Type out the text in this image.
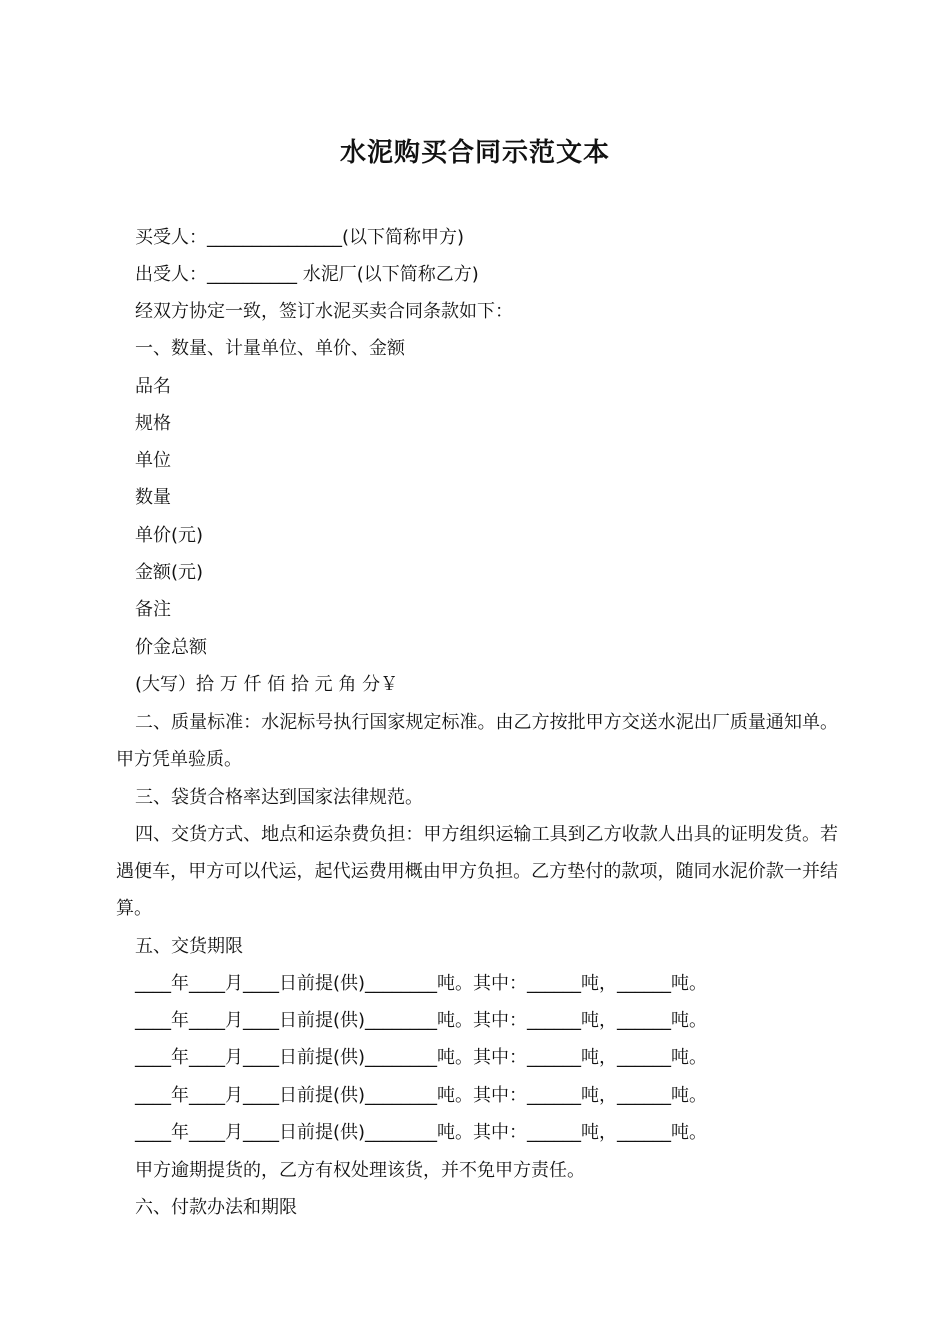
水泥购买合同示范文本
买受人：_______________(以下简称甲方)
出受人：__________ 水泥厂(以下简称乙方)
经双方协定一致，签订水泥买卖合同条款如下：
一、数量、计量单位、单价、金额
品名
规格
单位
数量
单价(元)
金额(元)
备注
价金总额
(大写）拾 万 仟 佰 拾 元 角 分￥
二、质量标准：水泥标号执行国家规定标准。由乙方按批甲方交送水泥出厂质量通知单。甲方凭单验质。
三、袋货合格率达到国家法律规范。
四、交货方式、地点和运杂费负担：甲方组织运输工具到乙方收款人出具的证明发货。若遇便车，甲方可以代运，起代运费用概由甲方负担。乙方垫付的款项，随同水泥价款一并结算。
五、交货期限
____年____月____日前提(供)________吨。其中：______吨，______吨。
____年____月____日前提(供)________吨。其中：______吨，______吨。
____年____月____日前提(供)________吨。其中：______吨，______吨。
____年____月____日前提(供)________吨。其中：______吨，______吨。
____年____月____日前提(供)________吨。其中：______吨，______吨。
甲方逾期提货的，乙方有权处理该货，并不免甲方责任。
六、付款办法和期限
